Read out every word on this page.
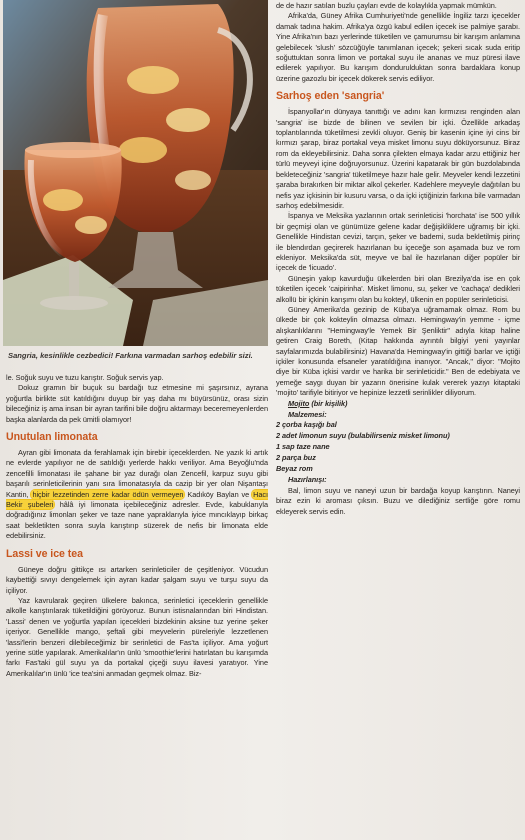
Sangria, kesinlikle cezbedici! Farkına varmadan sarhoş edebilir sizi.

le. Soğuk suyu ve tuzu karıştır. Soğuk servis yap.

Dokuz gramın bir buçuk su bardağı tuz etmesine mi şaşırsınız, ayrana yoğurtla birlikte süt katıldığını duyup bir yaş daha mı büyürsünüz, orası sizin bileceğiniz iş ama insan bir ayran tarifini bile doğru aktarmayı beceremeyenlerden başka alanlarda da pek ümitli olamıyor!

Unutulan limonata

Ayran gibi limonata da ferahlamak için birebir içeceklerden. Ne yazık ki artık ne evlerde yapılıyor ne de satıldığı yerlerde hakkı veriliyor. Ama Beyoğlu'nda zencefilli limonatası ile şahane bir yaz durağı olan Zencefil, karpuz suyu gibi başarılı serinleticilerinin yanı sıra limonatasıyla da cazip bir yer olan Nişantaşı Kantin, hiçbir lezzetinden zerre kadar ödün vermeyen Kadıköy Baylan ve Hacı Bekir şubeleri hâlâ iyi limonata içebileceğiniz adresler. Evde, kabuklarıyla doğradığınız limonları şeker ve taze nane yapraklarıyla iyice mıncıklayıp birkaç saat bekletikten sonra suyla karıştırıp süzerek de nefis bir limonata elde edebilirsiniz.

Lassi ve ice tea

Güneye doğru gittikçe ısı artarken serinleticiler de çeşitleniyor. Vücudun kaybettiği sıvıyı dengelemek için ayran kadar şalgam suyu ve turşu suyu da içiliyor.

Yaz kavrularak geçiren ülkelere bakınca, serinletici içeceklerin genellikle alkolle karıştırılarak tüketildiğini görüyoruz. Bunun istisnalarından biri Hindistan. 'Lassi' denen ve yoğurtla yapılan içecekleri bizdekinin aksine tuz yerine şeker içeriyor. Genellikle mango, şeftali gibi meyvelerin püreleriyle lezzetlenen 'lassi'lerin benzeri dilebileceğimiz bir serinletici de Fas'ta içiliyor. Ama yoğurt yerine sütle yapılarak. Amerikalılar'ın ünlü 'smoothie'lerini hatırlatan bu karışımda farkı Fas'taki gül suyu ya da portakal çiçeği suyu ilavesi yaratıyor. Yine Amerikalılar'ın ünlü 'ice tea'sini anmadan geçmek olmaz. Biz-

de de hazır satılan buzlu çayları evde de kolaylıkla yapmak mümkün.

Afrika'da, Güney Afrika Cumhuriyeti'nde genellikle İngiliz tarzı içecekler damak tadına hakim. Afrika'ya özgü kabul edilen içecek ise palmiye şarabı. Yine Afrika'nın bazı yerlerinde tüketilen ve çamurumsu bir karışım anlamına gelebilecek 'slush' sözcüğüyle tanımlanan içecek; şekeri sıcak suda eritip soğuttuktan sonra limon ve portakal suyu ile ananas ve muz püresi ilave edilerek yapılıyor. Bu karışım dondurulduktan sonra bardaklara konup üzerine gazozlu bir içecek dökerek servis ediliyor.

Sarhoş eden 'sangria'

İspanyollar'ın dünyaya tanıttığı ve adını kan kırmızısı renginden alan 'sangria' ise bizde de bilinen ve sevilen bir içki. Özellikle arkadaş toplantılarında tüketilmesi zevkli oluyor. Geniş bir kasenin içine iyi cins bir kırmızı şarap, biraz portakal veya misket limonu suyu döküyorsunuz. Biraz rom da ekleyebilirsiniz. Daha sonra çilekten elmaya kadar arzu ettiğiniz her türlü meyveyi içine doğruyorsunuz. Üzerini kapatarak bir gün buzdolabında bekleteceğiniz 'sangria' tüketilmeye hazır hale gelir. Meyveler kendi lezzetini şaraba bırakırken bir miktar alkol çekerler. Kadehlere meyveyle dağıtılan bu nefis yaz içkisinin bir kusuru varsa, o da içki içtiğinizin farkına bile varmadan sarhoş edebilmesidir.

İspanya ve Meksika yazlarının ortak serinleticisi 'horchata' ise 500 yıllık bir geçmişi olan ve günümüze gelene kadar değişikliklere uğramış bir içki. Genellikle Hindistan cevizi, tarçın, şeker ve bademi, suda bekletilmiş pirinç ile blendırdan geçirerek hazırlanan bu içeceğe son aşamada buz ve rom ekleniyor. Meksika'da süt, meyve ve bal ile hazırlanan diğer popüler bir içecek de 'licuado'.

Güneşin yakıp kavurduğu ülkelerden biri olan Brezilya'da ise en çok tüketilen içecek 'caipirinha'. Misket limonu, su, şeker ve 'cachaça' dedikleri alkollü bir içkinin karışımı olan bu kokteyl, ülkenin en popüler serinleticisi.

Güney Amerika'da gezinip de Küba'ya uğramamak olmaz. Rom bu ülkede bir çok kokteylin olmazsa olmazı. Hemingway'in yemme - içme alışkanlıklarını "Hemingway'le Yemek Bir Şenliktir" adıyla kitap haline getiren Craig Boreth, (Kitap hakkında ayrıntılı bilgiyi yeni yayınlar sayfalarımızda bulabilirsiniz) Havana'da Hemingway'in gittiği barlar ve içtiği içkiler konusunda efsaneler yaratıldığına inanıyor. "Ancak," diyor: "Mojito diye bir Küba içkisi vardır ve harika bir serinleticidir." Ben de edebiyata ve yemeğe saygı duyan bir yazarın önerisine kulak vererek yazıyı kitaptaki 'mojito' tarifiyle bitiriyor ve hepinize lezzetli serinlikler diliyorum.

Mojito (bir kişilik)

Malzemesi:

2 çorba kaşığı bal
2 adet limonun suyu (bulabilirseniz misket limonu)
1 sap taze nane
2 parça buz
Beyaz rom

Hazırlanışı:

Bal, limon suyu ve naneyi uzun bir bardağa koyup karıştırın. Naneyi biraz ezin ki aroması çıksın. Buzu ve dilediğiniz sertliğe göre romu ekleyerek servis edin.
